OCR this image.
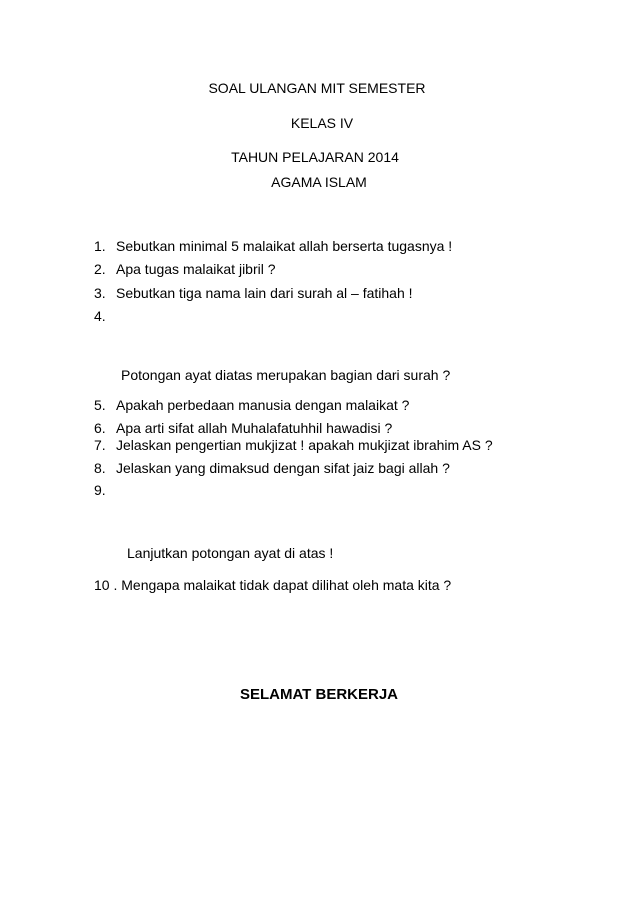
SOAL ULANGAN MIT SEMESTER
KELAS IV
TAHUN PELAJARAN 2014
AGAMA ISLAM
1. Sebutkan minimal 5 malaikat allah berserta tugasnya !
2. Apa tugas malaikat jibril ?
3. Sebutkan tiga nama lain dari surah al – fatihah !
4.
Potongan ayat diatas merupakan bagian dari surah ?
5. Apakah perbedaan manusia dengan malaikat ?
6. Apa arti sifat allah Muhalafatuhhil hawadisi ?
7. Jelaskan pengertian mukjizat ! apakah mukjizat ibrahim AS ?
8. Jelaskan yang dimaksud dengan sifat jaiz bagi allah ?
9.
Lanjutkan potongan ayat di atas !
10 . Mengapa malaikat tidak dapat dilihat oleh mata kita ?
SELAMAT BERKERJA
